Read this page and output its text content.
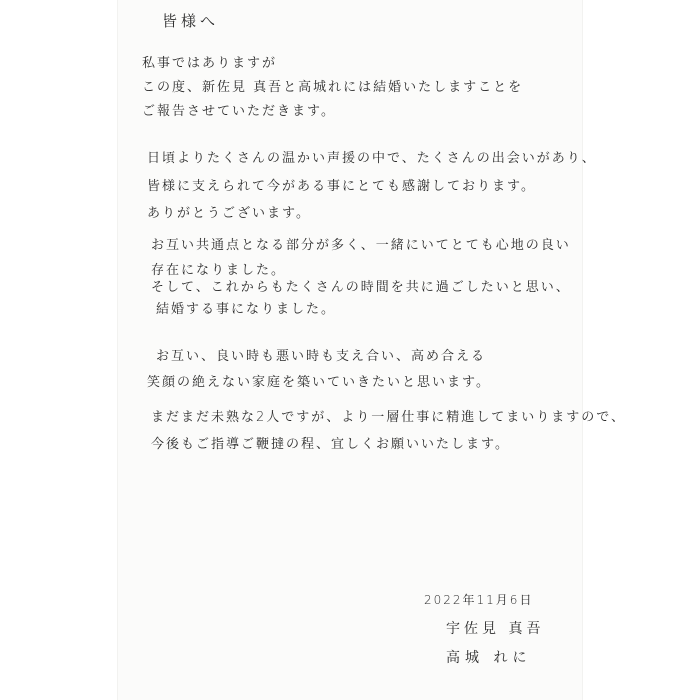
皆様へ
私事ではありますが
この度、新佐見 真吾と高城れには結婚いたしますことを
ご報告させていただきます。
日頃よりたくさんの温かい声援の中で、たくさんの出会いがあり、
皆様に支えられて今がある事にとても感謝しております。
ありがとうございます。
お互い共通点となる部分が多く、一緒にいてとても心地の良い
存在になりました。
そして、これからもたくさんの時間を共に過ごしたいと思い、
結婚する事になりました。
お互い、良い時も悪い時も支え合い、高め合える
笑顔の絶えない家庭を築いていきたいと思います。
まだまだ未熟な2人ですが、より一層仕事に精進してまいりますので、
今後もご指導ご鞭撻の程、宜しくお願いいたします。
2022年11月6日
宇佐見 真吾
高城 れに
